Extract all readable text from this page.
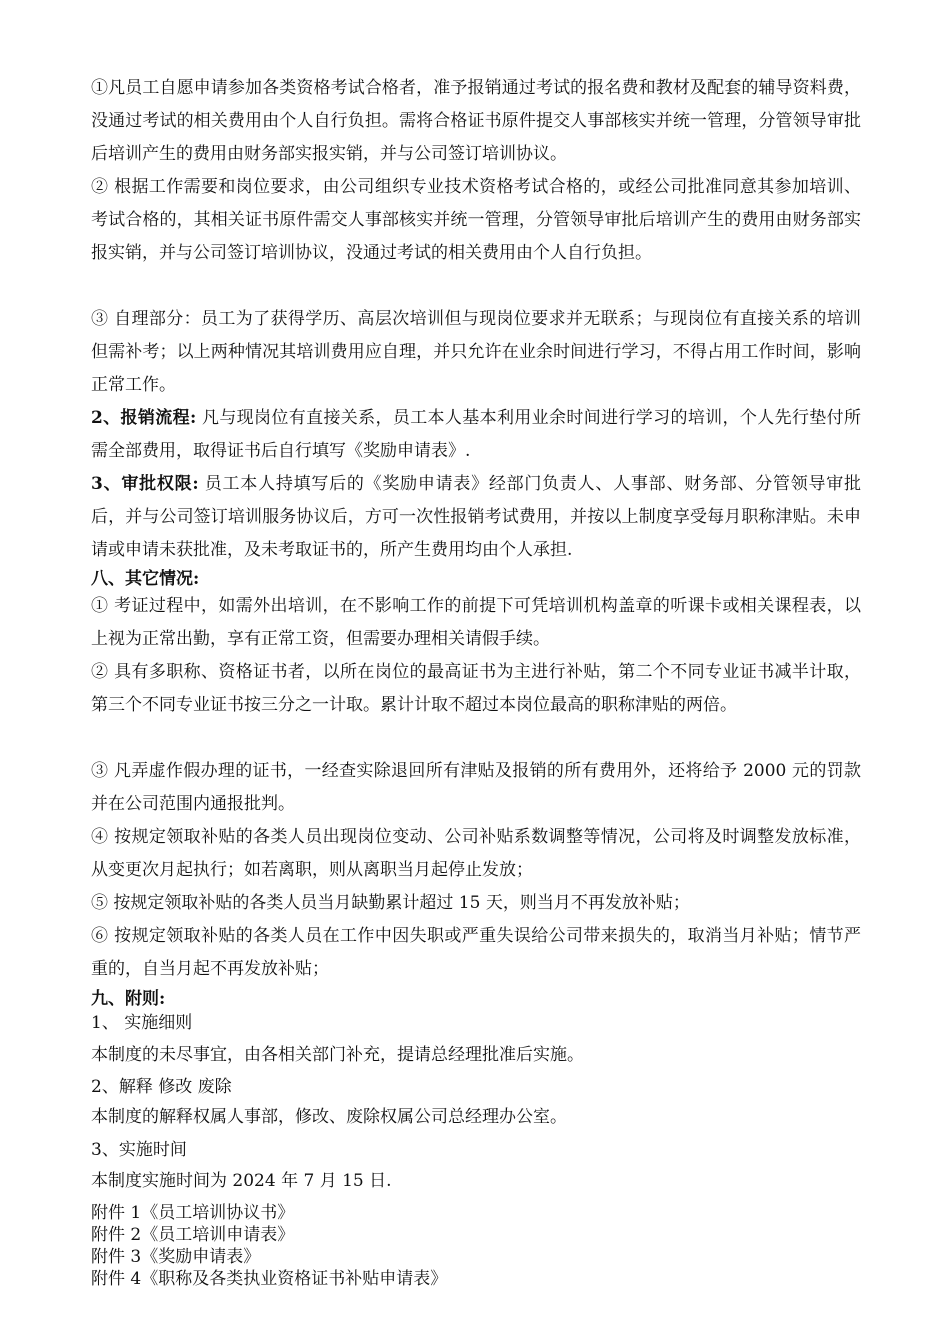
①凡员工自愿申请参加各类资格考试合格者，准予报销通过考试的报名费和教材及配套的辅导资料费，没通过考试的相关费用由个人自行负担。需将合格证书原件提交人事部核实并统一管理，分管领导审批后培训产生的费用由财务部实报实销，并与公司签订培训协议。

② 根据工作需要和岗位要求，由公司组织专业技术资格考试合格的，或经公司批准同意其参加培训、考试合格的，其相关证书原件需交人事部核实并统一管理，分管领导审批后培训产生的费用由财务部实报实销，并与公司签订培训协议，没通过考试的相关费用由个人自行负担。

③ 自理部分：员工为了获得学历、高层次培训但与现岗位要求并无联系；与现岗位有直接关系的培训但需补考；以上两种情况其培训费用应自理，并只允许在业余时间进行学习，不得占用工作时间，影响正常工作。

2、报销流程: 凡与现岗位有直接关系，员工本人基本利用业余时间进行学习的培训，个人先行垫付所需全部费用，取得证书后自行填写《奖励申请表》.

3、审批权限: 员工本人持填写后的《奖励申请表》经部门负责人、人事部、财务部、分管领导审批后，并与公司签订培训服务协议后，方可一次性报销考试费用，并按以上制度享受每月职称津贴。未申请或申请未获批准，及未考取证书的，所产生费用均由个人承担.

八、其它情况:

① 考证过程中，如需外出培训，在不影响工作的前提下可凭培训机构盖章的听课卡或相关课程表，以上视为正常出勤，享有正常工资，但需要办理相关请假手续。

② 具有多职称、资格证书者，以所在岗位的最高证书为主进行补贴，第二个不同专业证书减半计取，第三个不同专业证书按三分之一计取。累计计取不超过本岗位最高的职称津贴的两倍。

③ 凡弄虚作假办理的证书，一经查实除退回所有津贴及报销的所有费用外，还将给予 2000 元的罚款并在公司范围内通报批判。

④ 按规定领取补贴的各类人员出现岗位变动、公司补贴系数调整等情况，公司将及时调整发放标准，从变更次月起执行；如若离职，则从离职当月起停止发放；

⑤ 按规定领取补贴的各类人员当月缺勤累计超过 15 天，则当月不再发放补贴；

⑥ 按规定领取补贴的各类人员在工作中因失职或严重失误给公司带来损失的，取消当月补贴；情节严重的，自当月起不再发放补贴；

九、附则:

1、 实施细则

本制度的未尽事宜，由各相关部门补充，提请总经理批准后实施。

2、解释 修改 废除

本制度的解释权属人事部，修改、废除权属公司总经理办公室。

3、实施时间

本制度实施时间为 2024 年 7 月 15 日.

附件 1《员工培训协议书》

附件 2《员工培训申请表》

附件 3《奖励申请表》

附件 4《职称及各类执业资格证书补贴申请表》
